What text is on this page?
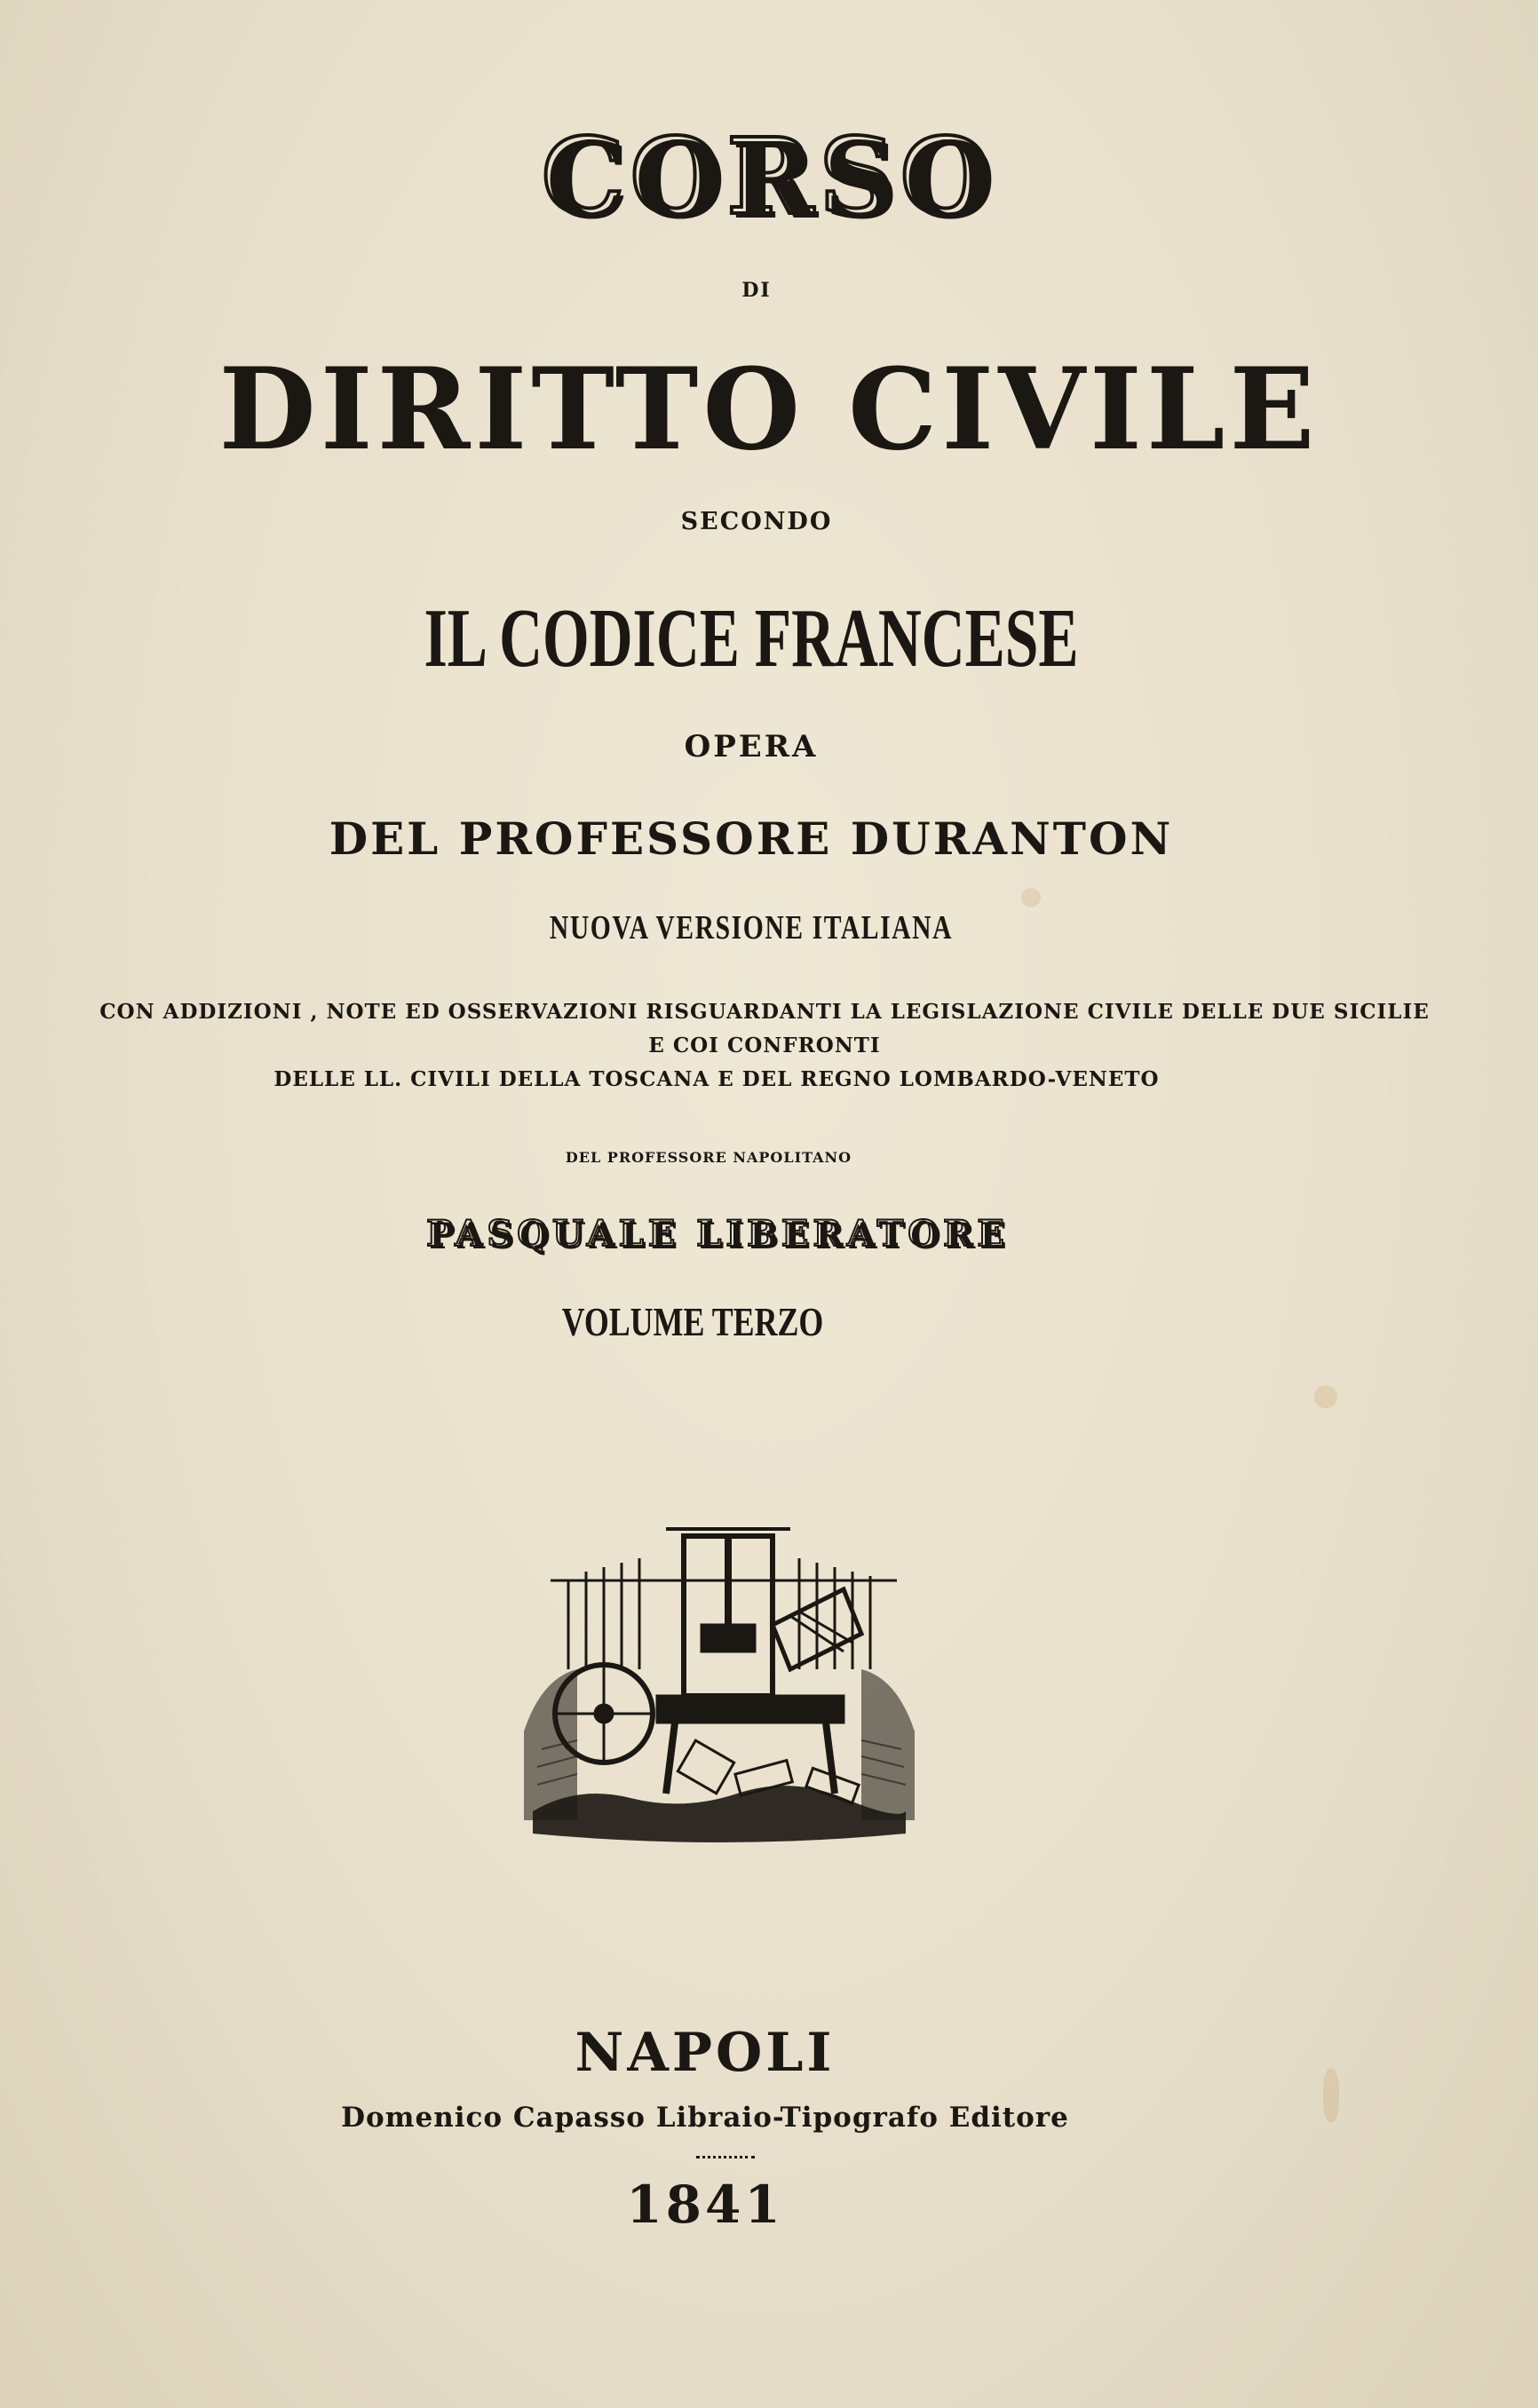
CORSO

DI

DIRITTO CIVILE

SECONDO

IL CODICE FRANCESE

OPERA

DEL PROFESSORE DURANTON

NUOVA VERSIONE ITALIANA

CON ADDIZIONI , NOTE ED OSSERVAZIONI RISGUARDANTI LA LEGISLAZIONE CIVILE DELLE DUE SICILIE

E COI CONFRONTI

DELLE LL. CIVILI DELLA TOSCANA E DEL REGNO LOMBARDO-VENETO

DEL PROFESSORE NAPOLITANO

PASQUALE LIBERATORE

VOLUME TERZO

NAPOLI

Domenico Capasso Libraio-Tipografo Editore

1841
